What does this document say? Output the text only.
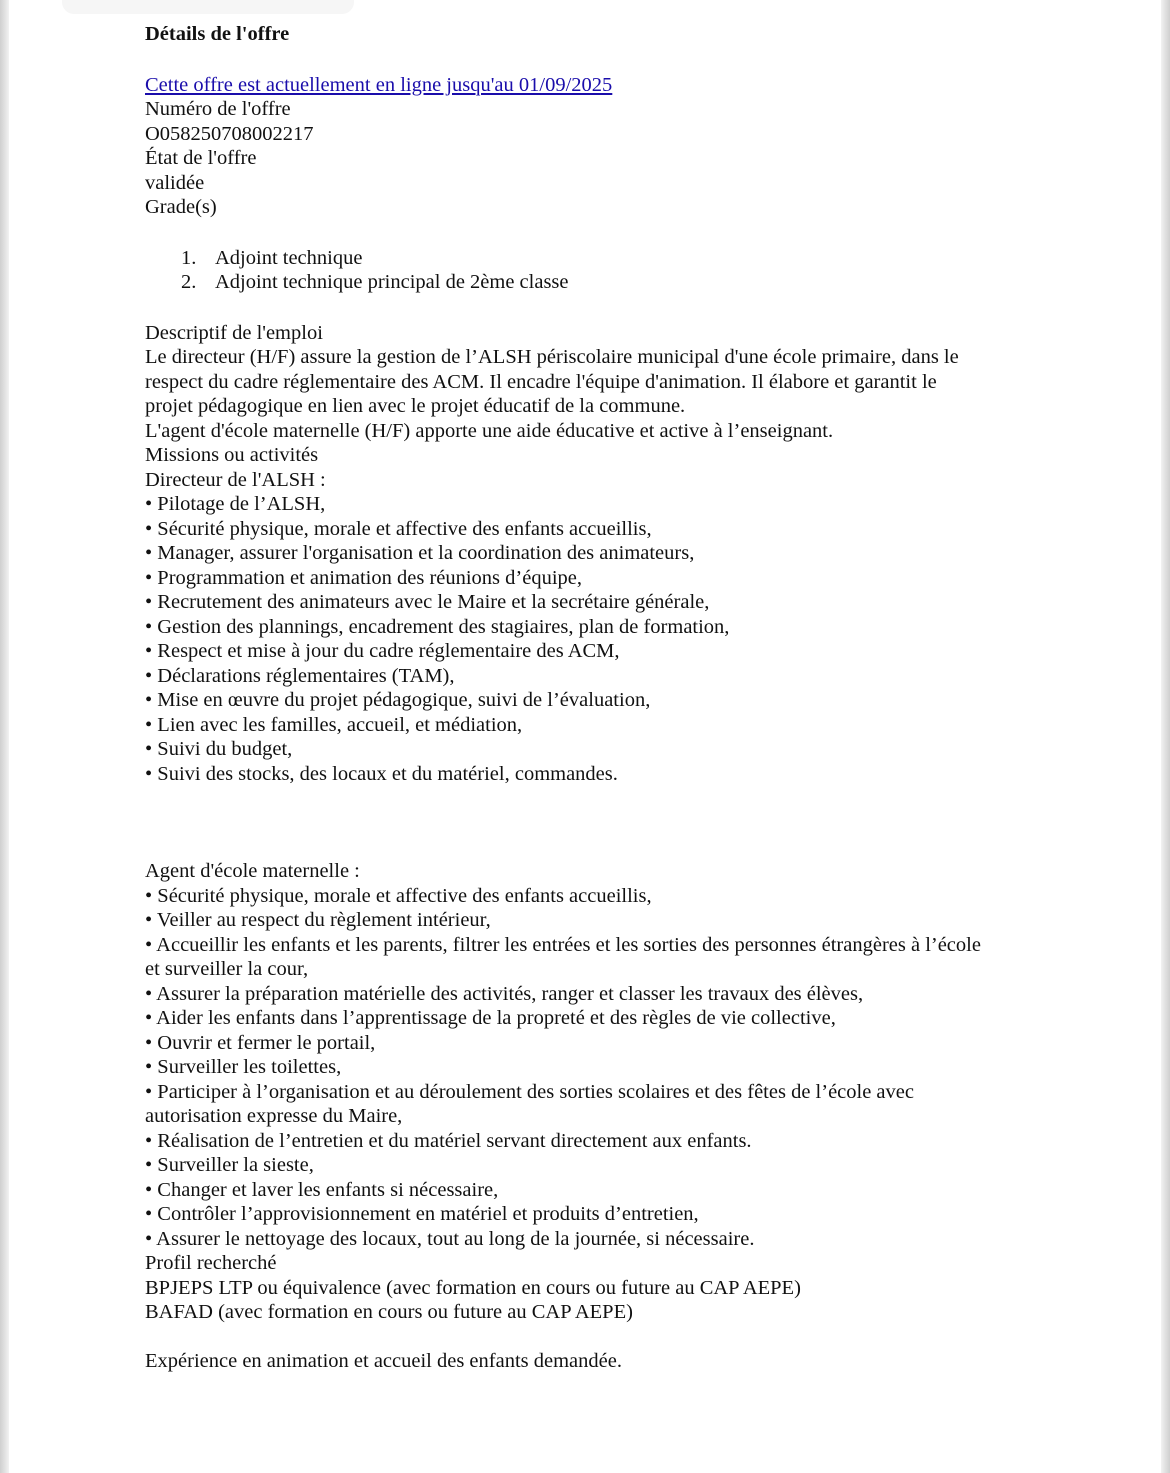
Détails de l'offre
Cette offre est actuellement en ligne jusqu'au 01/09/2025
Numéro de l'offre
O058250708002217
État de l'offre
validée
Grade(s)
Adjoint technique
Adjoint technique principal de 2ème classe
Descriptif de l'emploi
Le directeur (H/F) assure la gestion de l’ALSH périscolaire municipal d'une école primaire, dans le
respect du cadre réglementaire des ACM. Il encadre l'équipe d'animation. Il élabore et garantit le
projet pédagogique en lien avec le projet éducatif de la commune.
L'agent d'école maternelle (H/F) apporte une aide éducative et active à l’enseignant.
Missions ou activités
Directeur de l'ALSH :
• Pilotage de l’ALSH,
• Sécurité physique, morale et affective des enfants accueillis,
• Manager, assurer l'organisation et la coordination des animateurs,
• Programmation et animation des réunions d’équipe,
• Recrutement des animateurs avec le Maire et la secrétaire générale,
• Gestion des plannings, encadrement des stagiaires, plan de formation,
• Respect et mise à jour du cadre réglementaire des ACM,
• Déclarations réglementaires (TAM),
• Mise en œuvre du projet pédagogique, suivi de l’évaluation,
• Lien avec les familles, accueil, et médiation,
• Suivi du budget,
• Suivi des stocks, des locaux et du matériel, commandes.
Agent d'école maternelle :
• Sécurité physique, morale et affective des enfants accueillis,
• Veiller au respect du règlement intérieur,
• Accueillir les enfants et les parents, filtrer les entrées et les sorties des personnes étrangères à l’école
et surveiller la cour,
• Assurer la préparation matérielle des activités, ranger et classer les travaux des élèves,
• Aider les enfants dans l’apprentissage de la propreté et des règles de vie collective,
• Ouvrir et fermer le portail,
• Surveiller les toilettes,
• Participer à l’organisation et au déroulement des sorties scolaires et des fêtes de l’école avec
autorisation expresse du Maire,
• Réalisation de l’entretien et du matériel servant directement aux enfants.
• Surveiller la sieste,
• Changer et laver les enfants si nécessaire,
• Contrôler l’approvisionnement en matériel et produits d’entretien,
• Assurer le nettoyage des locaux, tout au long de la journée, si nécessaire.
Profil recherché
BPJEPS LTP ou équivalence (avec formation en cours ou future au CAP AEPE)
BAFAD (avec formation en cours ou future au CAP AEPE)
Expérience en animation et accueil des enfants demandée.
